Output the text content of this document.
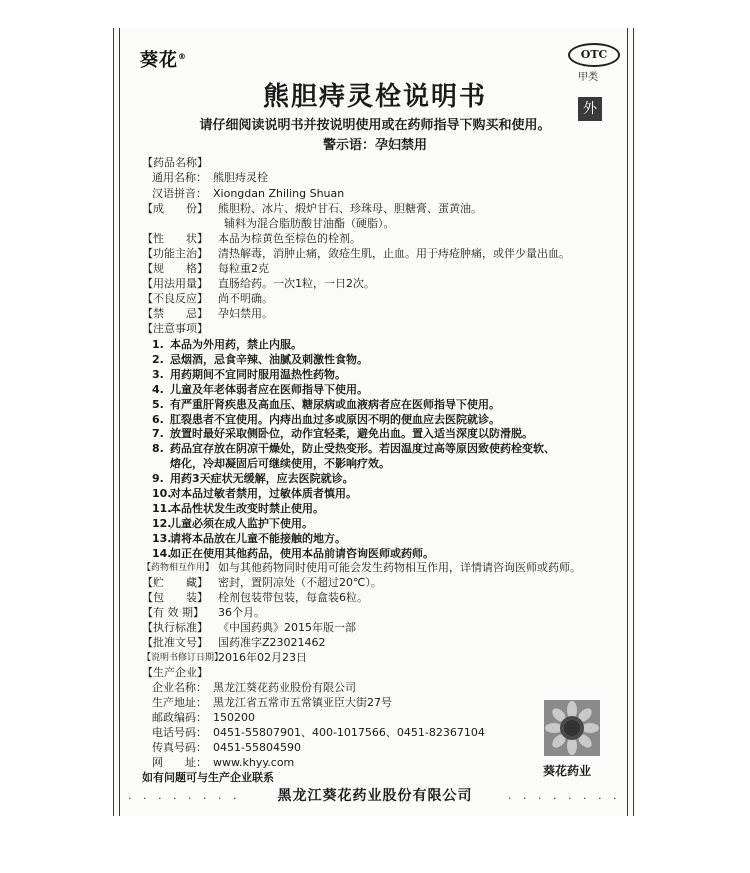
葵花®	OTC
甲类
外
熊胆痔灵栓说明书
请仔细阅读说明书并按说明使用或在药师指导下购买和使用。
警示语：孕妇禁用
【药品名称】
通用名称： 熊胆痔灵栓
汉语拼音： Xiongdan Zhiling Shuan
【成　　份】 熊胆粉、冰片、煅炉甘石、珍珠母、胆糖膏、蛋黄油。
辅料为混合脂肪酸甘油酯（硬脂）。
【性　　状】 本品为棕黄色至棕色的栓剂。
【功能主治】 清热解毒，消肿止痛，敛疮生肌，止血。用于痔疮肿痛，或伴少量出血。
【规　　格】 每粒重2克
【用法用量】 直肠给药。一次1粒，一日2次。
【不良反应】 尚不明确。
【禁　　忌】 孕妇禁用。
【注意事项】
1. 本品为外用药，禁止内服。
2. 忌烟酒，忌食辛辣、油腻及刺激性食物。
3. 用药期间不宜同时服用温热性药物。
4. 儿童及年老体弱者应在医师指导下使用。
5. 有严重肝肾疾患及高血压、糖尿病或血液病者应在医师指导下使用。
6. 肛裂患者不宜使用。内痔出血过多或原因不明的便血应去医院就诊。
7. 放置时最好采取侧卧位，动作宜轻柔，避免出血。置入适当深度以防滑脱。
8. 药品宜存放在阴凉干燥处，防止受热变形。若因温度过高等原因致使药栓变软、
熔化，冷却凝固后可继续使用，不影响疗效。
9. 用药3天症状无缓解，应去医院就诊。
10.对本品过敏者禁用，过敏体质者慎用。
11.本品性状发生改变时禁止使用。
12.儿童必须在成人监护下使用。
13.请将本品放在儿童不能接触的地方。
14.如正在使用其他药品，使用本品前请咨询医师或药师。
【药物相互作用】 如与其他药物同时使用可能会发生药物相互作用，详情请咨询医师或药师。
【贮　　藏】 密封，置阴凉处（不超过20℃）。
【包　　装】 栓剂包装带包装，每盒装6粒。
【有 效 期】 36个月。
【执行标准】 《中国药典》2015年版一部
【批准文号】 国药准字Z23021462
【说明书修订日期】2016年02月23日
【生产企业】
企业名称： 黑龙江葵花药业股份有限公司
生产地址： 黑龙江省五常市五常镇亚臣大街27号
邮政编码： 150200
电话号码： 0451-55807901、400-1017566、0451-82367104
传真号码： 0451-55804590
网　　址： www.khyy.com
如有问题可与生产企业联系	葵花药业
· · · · · · · ·	黑龙江葵花药业股份有限公司	· · · · · · · ·
